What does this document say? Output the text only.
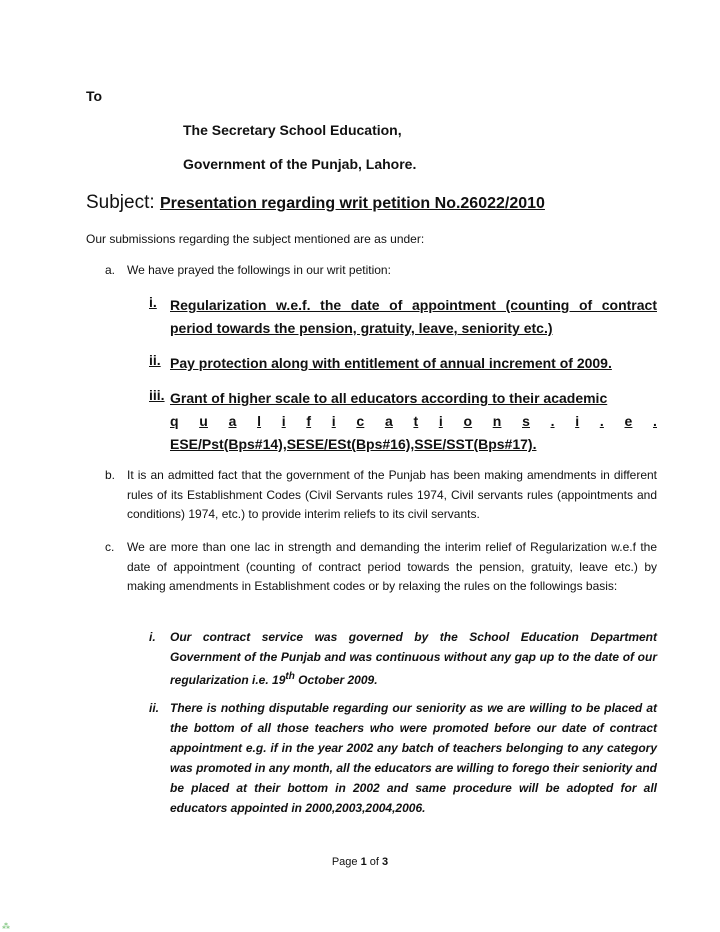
To
The Secretary School Education,
Government of the Punjab, Lahore.
Subject: Presentation regarding writ petition No.26022/2010
Our submissions regarding the subject mentioned are as under:
a. We have prayed the followings in our writ petition:
i. Regularization w.e.f. the date of appointment (counting of contract period towards the pension, gratuity, leave, seniority etc.)
ii. Pay protection along with entitlement of annual increment of 2009.
iii. Grant of higher scale to all educators according to their academic
q u a l i f i c a t i o n s . i . e .
ESE/Pst(Bps#14),SESE/ESt(Bps#16),SSE/SST(Bps#17).
b. It is an admitted fact that the government of the Punjab has been making amendments in different rules of its Establishment Codes (Civil Servants rules 1974, Civil servants rules (appointments and conditions) 1974, etc.) to provide interim reliefs to its civil servants.
c. We are more than one lac in strength and demanding the interim relief of Regularization w.e.f the date of appointment (counting of contract period towards the pension, gratuity, leave etc.) by making amendments in Establishment codes or by relaxing the rules on the followings basis:
i. Our contract service was governed by the School Education Department Government of the Punjab and was continuous without any gap up to the date of our regularization i.e. 19th October 2009.
ii. There is nothing disputable regarding our seniority as we are willing to be placed at the bottom of all those teachers who were promoted before our date of contract appointment e.g. if in the year 2002 any batch of teachers belonging to any category was promoted in any month, all the educators are willing to forego their seniority and be placed at their bottom in 2002 and same procedure will be adopted for all educators appointed in 2000,2003,2004,2006.
Page 1 of 3
⁂
